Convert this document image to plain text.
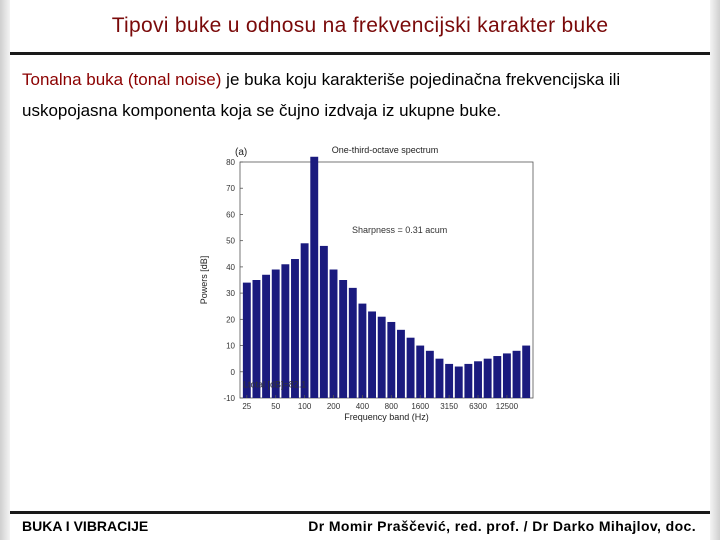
Tipovi buke u odnosu na frekvencijski karakter buke
Tonalna buka (tonal noise) je buka koju karakteriše pojedinačna frekvencijska ili uskopojasna komponenta koja se čujno izdvaja iz ukupne buke.
(a)	One-third-octave spectrum
-10
0
10
20
30
40
50
60
70
80
25 50 100 200 400 800 1600 3150 6300 12500
Sharpness = 0.31 acum
Ltotal [dB]=82.1
Frequency band (Hz)
Powers [dB]
BUKA I VIBRACIJE	Dr Momir Praščević, red. prof. / Dr Darko Mihajlov, doc.
